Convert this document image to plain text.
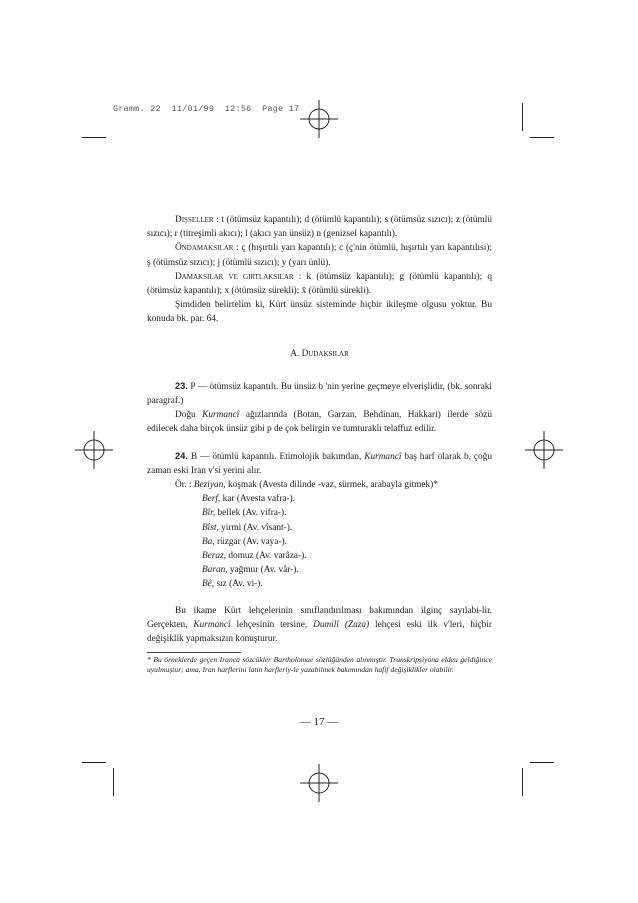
Gramm. 22  11/01/99  12:56  Page 17

Dişseller : t (ötümsüz kapantılı); d (ötümlü kapantılı); s (ötümsüz sızıcı); z (ötümlü sızıcı); r (titreşimli akıcı); l (akıcı yan ünsüz) n (genizsel kapantılı).

Öndamaksılar : ç (hışırtılı yarı kapantılı); c (ç'nin ötümlü, hışırtılı yarı kapantılısı); ş (ötümsüz sızıcı); j (ötümlü sızıcı); y (yarı ünlü).

Damaksılar ve gırtlaksılar : k (ötümsüz kapantılı); g (ötümlü kapantılı); q (ötümsüz kapantılı); x (ötümsüz sürekli); x̄ (ötümlü sürekli).

Şimdiden belirtelim ki, Kürt ünsüz sisteminde hiçbir ikileşme olgusu yoktur. Bu konuda bk. par. 64.

A. Dudaksılar

23. P — ötümsüz kapantılı. Bu ünsüz b 'nin yerine geçmeye elverişlidir, (bk. sonraki paragraf.)

Doğu Kurmancî ağızlarında (Botan, Garzan, Behdinan, Hakkari) ilerde sözü edilecek daha birçok ünsüz gibi p de çok belirgin ve tumturaklı telaffuz edilir.

24. B — ötümlü kapantılı. Etimolojik bakımdan, Kurmancî baş harf olarak b, çoğu zaman eski Iran v'si yerini alır.

Ör. : Beziyan, koşmak (Avesta dilinde -vaz, sürmek, arabayla gitmek)*

Berf, kar (Avesta vafra-).

Bîr, bellek (Av. vifra-).

Bîst, yirmi (Av. vîsant-).

Ba, rüzgar (Av. vaya-).

Beraz, domuz (Av. varâza-).

Baran, yağmur (Av. vâr-).

Bê, sız (Av. vi-).

Bu ikame Kürt lehçelerinin sınıflandırılması bakımından ilginç sayılabi-lir. Gerçekten, Kurmancî lehçesinin tersine, Dumilî (Zaza) lehçesi eski ilk v'leri, hiçbir değişiklik yapmaksızın konuşturur.

* Bu örneklerde geçen Iranca sözcükler Bartholomae sözlüğünden alınmıştır. Transkripsiyona eldeu geldiğince uyulmuştur; ama, Iran harflerini latin harfleriy-le yazabilmek bakımından hafif değişiklikler olabilir.

— 17 —
